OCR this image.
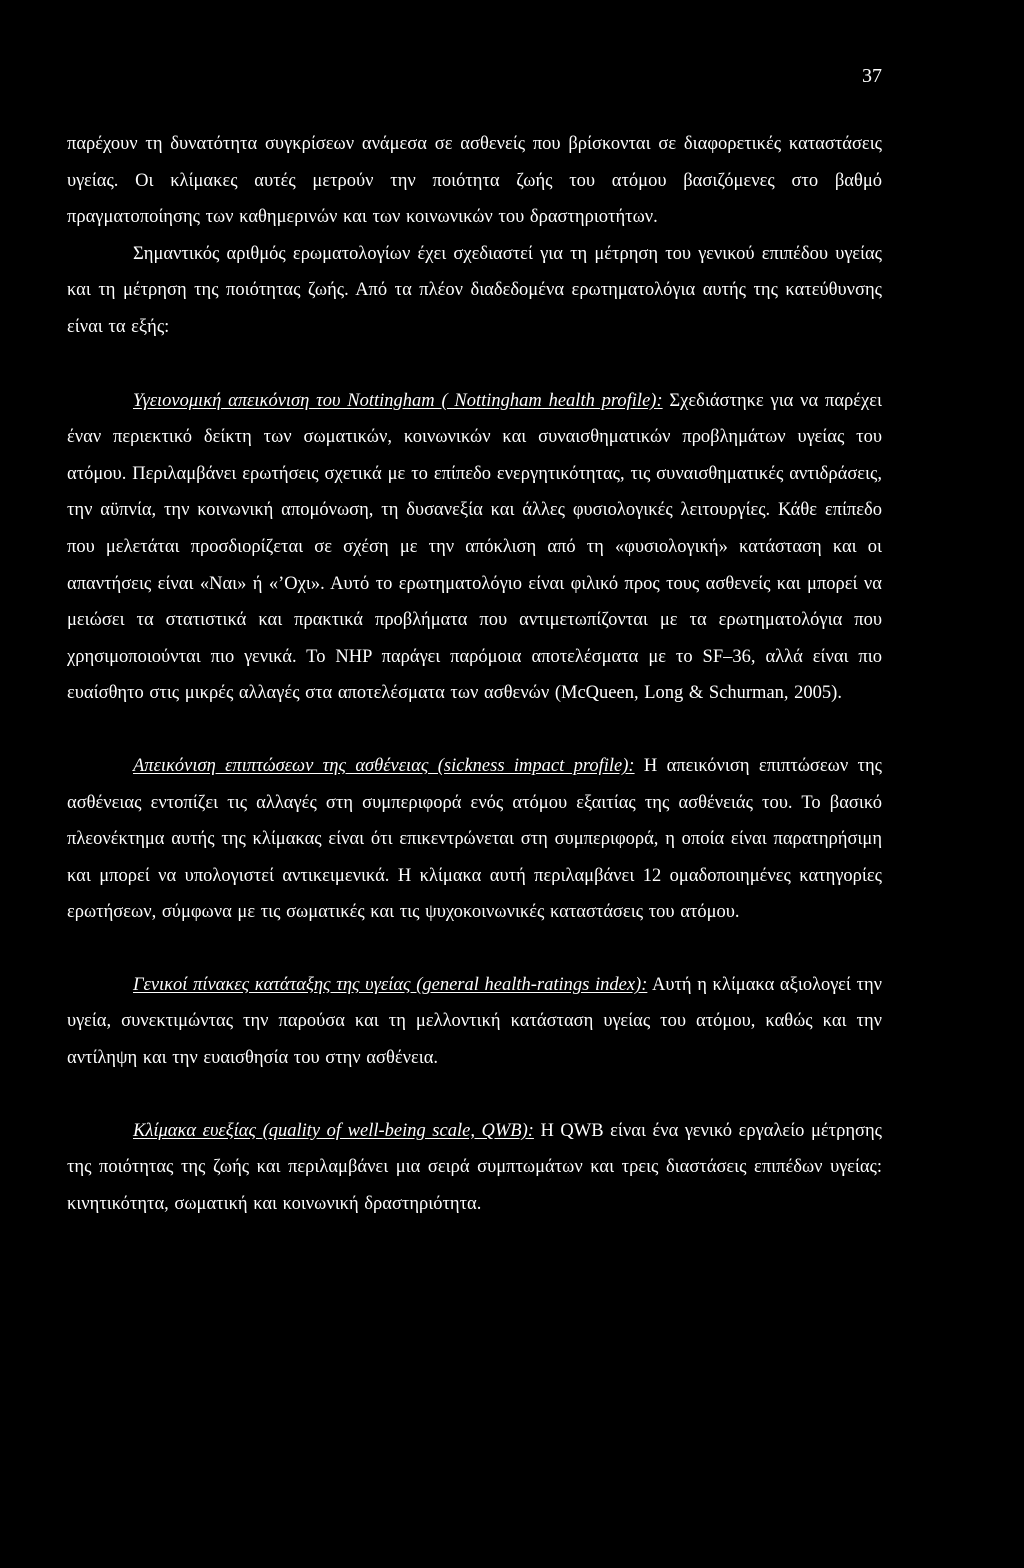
37

παρέχουν τη δυνατότητα συγκρίσεων ανάμεσα σε ασθενείς που βρίσκονται σε διαφορετικές καταστάσεις υγείας. Οι κλίμακες αυτές μετρούν την ποιότητα ζωής του ατόμου βασιζόμενες στο βαθμό πραγματοποίησης των καθημερινών και των κοινωνικών του δραστηριοτήτων.

Σημαντικός αριθμός ερωματολογίων έχει σχεδιαστεί για τη μέτρηση του γενικού επιπέδου υγείας και τη μέτρηση της ποιότητας ζωής. Από τα πλέον διαδεδομένα ερωτηματολόγια αυτής της κατεύθυνσης είναι τα εξής:

Υγειονομική απεικόνιση του Nottingham ( Nottingham health profile): Σχεδιάστηκε για να παρέχει έναν περιεκτικό δείκτη των σωματικών, κοινωνικών και συναισθηματικών προβλημάτων υγείας του ατόμου. Περιλαμβάνει ερωτήσεις σχετικά με το επίπεδο ενεργητικότητας, τις συναισθηματικές αντιδράσεις, την αϋπνία, την κοινωνική απομόνωση, τη δυσανεξία και άλλες φυσιολογικές λειτουργίες. Κάθε επίπεδο που μελετάται προσδιορίζεται σε σχέση με την απόκλιση από τη «φυσιολογική» κατάσταση και οι απαντήσεις είναι «Ναι» ή «’Οχι». Αυτό το ερωτηματολόγιο είναι φιλικό προς τους ασθενείς και μπορεί να μειώσει τα στατιστικά και πρακτικά προβλήματα που αντιμετωπίζονται με τα ερωτηματολόγια που χρησιμοποιούνται πιο γενικά. Το NHP παράγει παρόμοια αποτελέσματα με το SF–36, αλλά είναι πιο ευαίσθητο στις μικρές αλλαγές στα αποτελέσματα των ασθενών (McQueen, Long & Schurman, 2005).

Απεικόνιση επιπτώσεων της ασθένειας (sickness impact profile): Η απεικόνιση επιπτώσεων της ασθένειας εντοπίζει τις αλλαγές στη συμπεριφορά ενός ατόμου εξαιτίας της ασθένειάς του. Το βασικό πλεονέκτημα αυτής της κλίμακας είναι ότι επικεντρώνεται στη συμπεριφορά, η οποία είναι παρατηρήσιμη και μπορεί να υπολογιστεί αντικειμενικά. Η κλίμακα αυτή περιλαμβάνει 12 ομαδοποιημένες κατηγορίες ερωτήσεων, σύμφωνα με τις σωματικές και τις ψυχοκοινωνικές καταστάσεις του ατόμου.

Γενικοί πίνακες κατάταξης της υγείας (general health-ratings index): Αυτή η κλίμακα αξιολογεί την υγεία, συνεκτιμώντας την παρούσα και τη μελλοντική κατάσταση υγείας του ατόμου, καθώς και την αντίληψη και την ευαισθησία του στην ασθένεια.

Κλίμακα ευεξίας (quality of well-being scale, QWB): Η QWB είναι ένα γενικό εργαλείο μέτρησης της ποιότητας της ζωής και περιλαμβάνει μια σειρά συμπτωμάτων και τρεις διαστάσεις επιπέδων υγείας: κινητικότητα, σωματική και κοινωνική δραστηριότητα.
